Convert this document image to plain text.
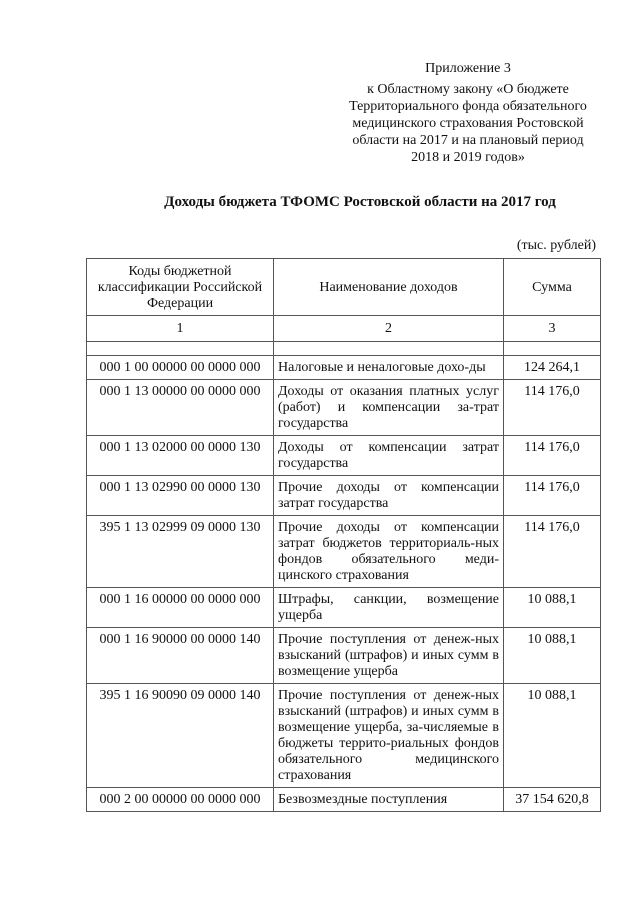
Приложение 3
к Областному закону «О бюджете
Территориального фонда обязательного
медицинского страхования Ростовской
области на 2017 и на плановый период
2018 и 2019 годов»
Доходы бюджета ТФОМС Ростовской области на 2017 год
(тыс. рублей)
Коды бюджетной классификации Российской Федерации	Наименование доходов	Сумма
1	2	3

000 1 00 00000 00 0000 000	Налоговые и неналоговые дохо-ды	124 264,1
000 1 13 00000 00 0000 000	Доходы от оказания платных услуг (работ) и компенсации за-трат государства	114 176,0
000 1 13 02000 00 0000 130	Доходы от компенсации затрат государства	114 176,0
000 1 13 02990 00 0000 130	Прочие доходы от компенсации затрат государства	114 176,0
395 1 13 02999 09 0000 130	Прочие доходы от компенсации затрат бюджетов территориаль-ных фондов обязательного меди-цинского страхования	114 176,0
000 1 16 00000 00 0000 000	Штрафы, санкции, возмещение ущерба	10 088,1
000 1 16 90000 00 0000 140	Прочие поступления от денеж-ных взысканий (штрафов) и иных сумм в возмещение ущерба	10 088,1
395 1 16 90090 09 0000 140	Прочие поступления от денеж-ных взысканий (штрафов) и иных сумм в возмещение ущерба, за-числяемые в бюджеты террито-риальных фондов обязательного медицинского страхования	10 088,1
000 2 00 00000 00 0000 000	Безвозмездные поступления	37 154 620,8
